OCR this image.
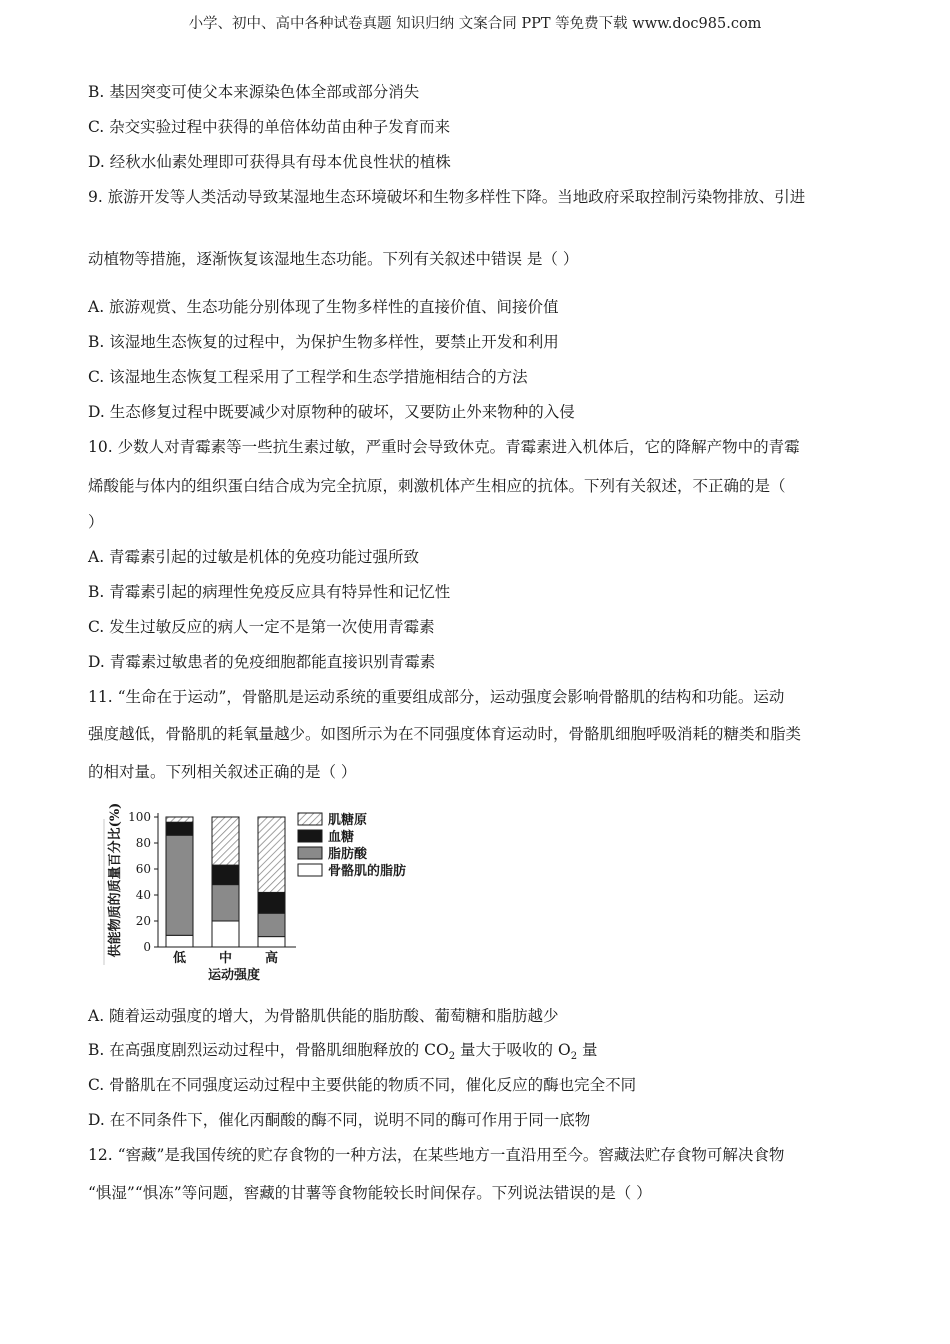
小学、初中、高中各种试卷真题 知识归纳 文案合同 PPT 等免费下载 www.doc985.com
B. 基因突变可使父本来源染色体全部或部分消失
C. 杂交实验过程中获得的单倍体幼苗由种子发育而来
D. 经秋水仙素处理即可获得具有母本优良性状的植株
9. 旅游开发等人类活动导致某湿地生态环境破坏和生物多样性下降。当地政府采取控制污染物排放、引进
动植物等措施，逐渐恢复该湿地生态功能。下列有关叙述中错误 是（ ）
A. 旅游观赏、生态功能分别体现了生物多样性的直接价值、间接价值
B. 该湿地生态恢复的过程中，为保护生物多样性，要禁止开发和利用
C. 该湿地生态恢复工程采用了工程学和生态学措施相结合的方法
D. 生态修复过程中既要减少对原物种的破坏，又要防止外来物种的入侵
10. 少数人对青霉素等一些抗生素过敏，严重时会导致休克。青霉素进入机体后，它的降解产物中的青霉
烯酸能与体内的组织蛋白结合成为完全抗原，刺激机体产生相应的抗体。下列有关叙述，不正确的是（
）
A. 青霉素引起的过敏是机体的免疫功能过强所致
B. 青霉素引起的病理性免疫反应具有特异性和记忆性
C. 发生过敏反应的病人一定不是第一次使用青霉素
D. 青霉素过敏患者的免疫细胞都能直接识别青霉素
11. “生命在于运动”，骨骼肌是运动系统的重要组成部分，运动强度会影响骨骼肌的结构和功能。运动
强度越低，骨骼肌的耗氧量越少。如图所示为在不同强度体育运动时，骨骼肌细胞呼吸消耗的糖类和脂类
的相对量。下列相关叙述正确的是（ ）
供能物质的质量百分比(%) 0
20
40
60
80
100
低	中	高
运动强度
肌糖原
血糖
脂肪酸
骨骼肌的脂肪
A. 随着运动强度的增大，为骨骼肌供能的脂肪酸、葡萄糖和脂肪越少
B. 在高强度剧烈运动过程中，骨骼肌细胞释放的 $CO_2$ 量大于吸收的 $O_2$ 量
C. 骨骼肌在不同强度运动过程中主要供能的物质不同，催化反应的酶也完全不同
D. 在不同条件下，催化丙酮酸的酶不同，说明不同的酶可作用于同一底物
12. “窖藏”是我国传统的贮存食物的一种方法，在某些地方一直沿用至今。窖藏法贮存食物可解决食物
“惧湿”“惧冻”等问题，窖藏的甘薯等食物能较长时间保存。下列说法错误的是（ ）
